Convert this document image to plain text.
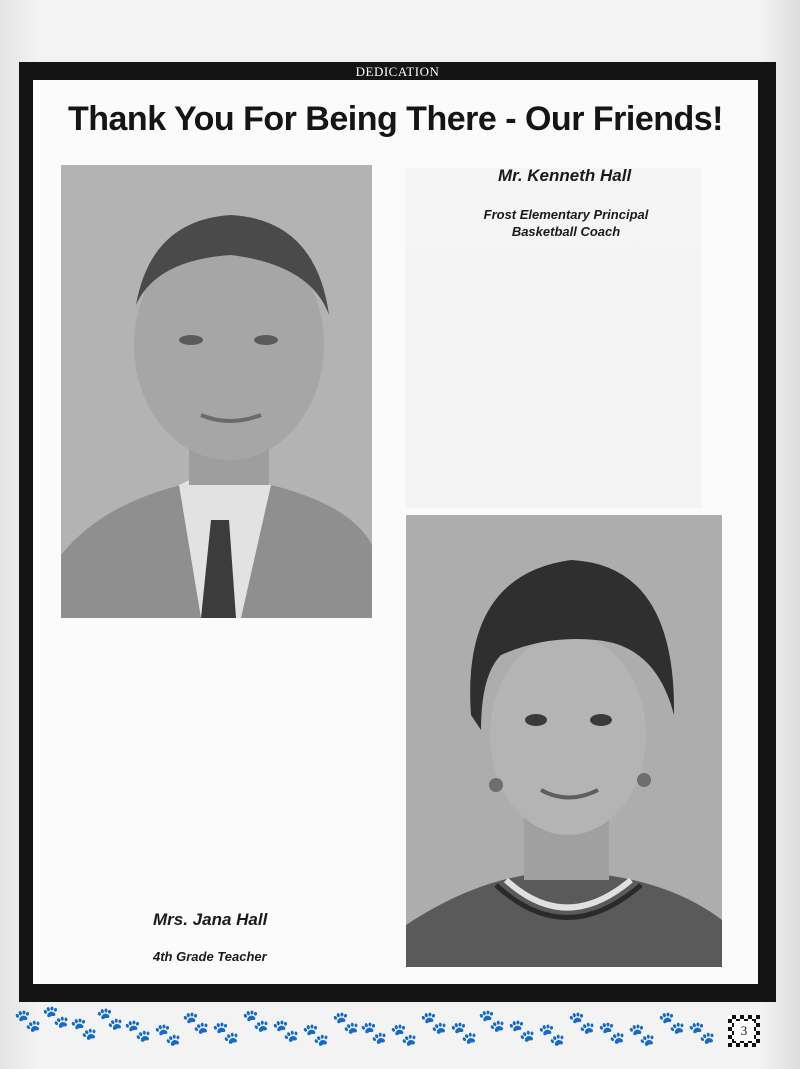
DEDICATION
Thank You For Being There - Our Friends!
Mr. Kenneth Hall
Frost Elementary Principal
Basketball Coach
Mrs. Jana Hall
4th Grade Teacher
🐾 🐾 🐾
🐾 🐾 🐾 🐾 🐾 🐾 🐾 🐾 🐾 🐾 🐾 🐾 🐾 🐾 🐾 🐾 🐾 🐾 🐾 🐾 🐾	3
